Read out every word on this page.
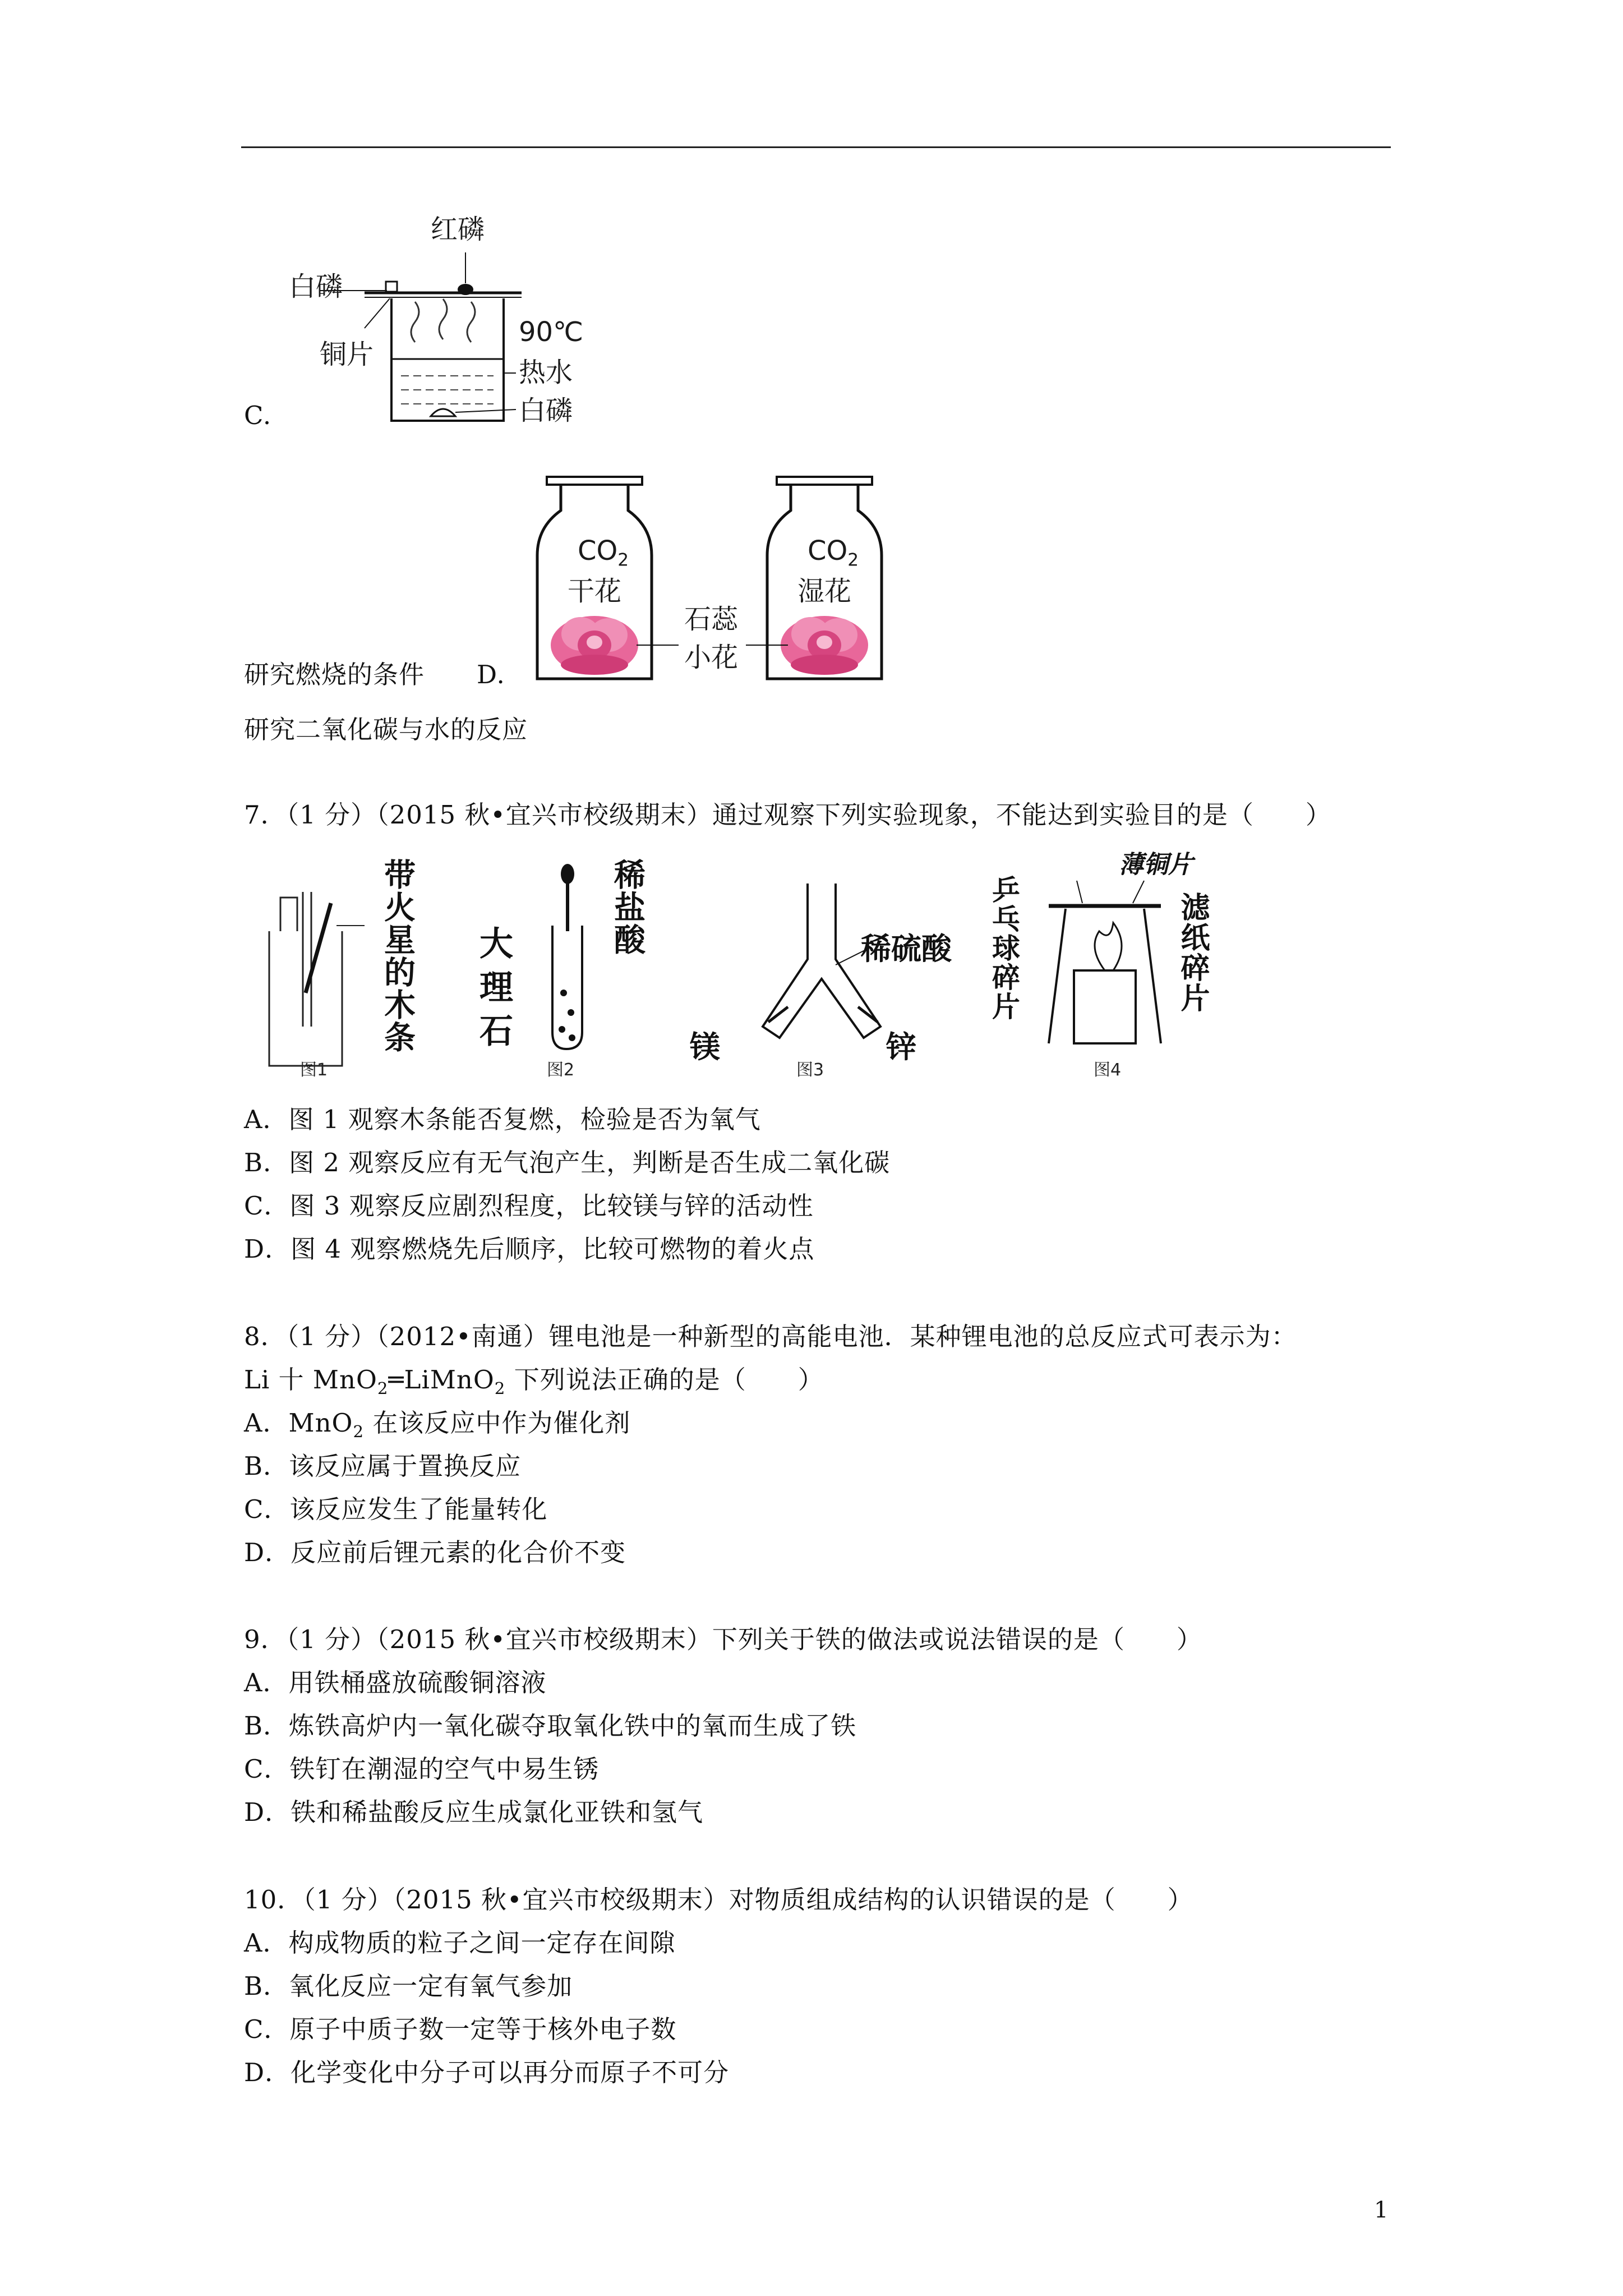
红磷
白磷
铜片
90℃
热水
白磷
C.
$CO_2$
干花
$CO_2$
湿花
石蕊
小花
研究燃烧的条件 D.
研究二氧化碳与水的反应
7．（1 分）（2015 秋•宜兴市校级期末）通过观察下列实验现象，不能达到实验目的是（　　）
带火星的木条
图1
稀盐酸
大理石
图2
稀硫酸
镁	锌
图3
薄铜片
乒乓球碎片	滤纸碎片
图4
A．图 1 观察木条能否复燃，检验是否为氧气
B．图 2 观察反应有无气泡产生，判断是否生成二氧化碳
C．图 3 观察反应剧烈程度，比较镁与锌的活动性
D．图 4 观察燃烧先后顺序，比较可燃物的着火点
8．（1 分）（2012•南通）锂电池是一种新型的高能电池．某种锂电池的总反应式可表示为：
Li 十 MnO$_2$═LiMnO$_2$ 下列说法正确的是（　　）
A．MnO$_2$ 在该反应中作为催化剂
B．该反应属于置换反应
C．该反应发生了能量转化
D．反应前后锂元素的化合价不变
9．（1 分）（2015 秋•宜兴市校级期末）下列关于铁的做法或说法错误的是（　　）
A．用铁桶盛放硫酸铜溶液
B．炼铁高炉内一氧化碳夺取氧化铁中的氧而生成了铁
C．铁钉在潮湿的空气中易生锈
D．铁和稀盐酸反应生成氯化亚铁和氢气
10．（1 分）（2015 秋•宜兴市校级期末）对物质组成结构的认识错误的是（　　）
A．构成物质的粒子之间一定存在间隙
B．氧化反应一定有氧气参加
C．原子中质子数一定等于核外电子数
D．化学变化中分子可以再分而原子不可分
1
